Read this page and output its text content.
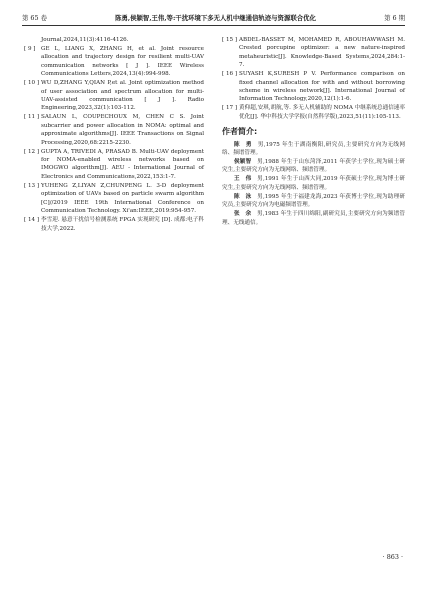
第 65 卷	陈勇,侯颖智,王伟,等:干扰环境下多无人机中继通信轨迹与资源联合优化	第 6 期
Journal,2024,11(3):4116-4126.
[ 9 ] GE L, LIANG X, ZHANG H, et al. Joint resource allocation and trajectory design for resilient multi-UAV communication networks [ J ]. IEEE Wireless Communications Letters,2024,13(4):994-998.
[ 10 ] WU D,ZHANG Y,QIAN P,et al. Joint optimization method of user association and spectrum allocation for multi-UAV-assisted communication [ J ]. Radio Engineering,2023,32(1):103-112.
[ 11 ] SALAUN L, COUPECHOUX M, CHEN C S. Joint subcarrier and power allocation in NOMA: optimal and approximate algorithms[J]. IEEE Transactions on Signal Processing,2020,68:2215-2230.
[ 12 ] GUPTA A, TRIVEDI A, PRASAD B. Multi-UAV deployment for NOMA-enabled wireless networks based on IMOGWO algorithm[J]. AEU - International Journal of Electronics and Communications,2022,153:1-7.
[ 13 ] YUHENG Z,LIYAN Z,CHUNPENG L. 3-D deployment optimization of UAVs based on particle swarm algorithm [C]//2019 IEEE 19th International Conference on Communication Technology. Xi'an:IEEE,2019:954-957.
[ 14 ] 李雪迎. 悬意干扰信号检测系统 FPGA 实现研究 [D]. 成都:电子科技大学,2022.
[ 15 ] ABDEL-BASSET M, MOHAMED R, ABOUHAWWASH M. Crested porcupine optimizer: a new nature-inspired metaheuristic[J]. Knowledge-Based Systems,2024,284:1-7.
[ 16 ] SUYASH K,SURESH P V. Performance comparison on fixed channel allocation for with and without borrowing scheme in wireless network[J]. International Journal of Information Technology,2020,12(1):1-6.
[ 17 ] 黄仰超,安琪,胡航,等. 多无人机辅助的 NOMA 中继系统总通信速率优化[J]. 华中科技大学学报(自然科学版),2023,51(11):105-113.
作者简介:
陈　勇　 男,1975 年生于湖南衡阳,研究员,主要研究方向为无线网络、频谱管理。
侯颖智　 男,1988 年生于山东菏泽,2011 年获学士学位,现为硕士研究生,主要研究方向为无线网络、频谱管理。
王　伟　 男,1991 年生于山西大同,2019 年获硕士学位,现为博士研究生,主要研究方向为无线网络、频谱管理。
陈　泳　 男,1995 年生于福建龙海,2023 年获博士学位,现为助理研究员,主要研究方向为电磁频谱管理。
张　余　 男,1983 年生于四川绵阳,副研究员,主要研究方向为频谱管理、无线通信。
· 863 ·
